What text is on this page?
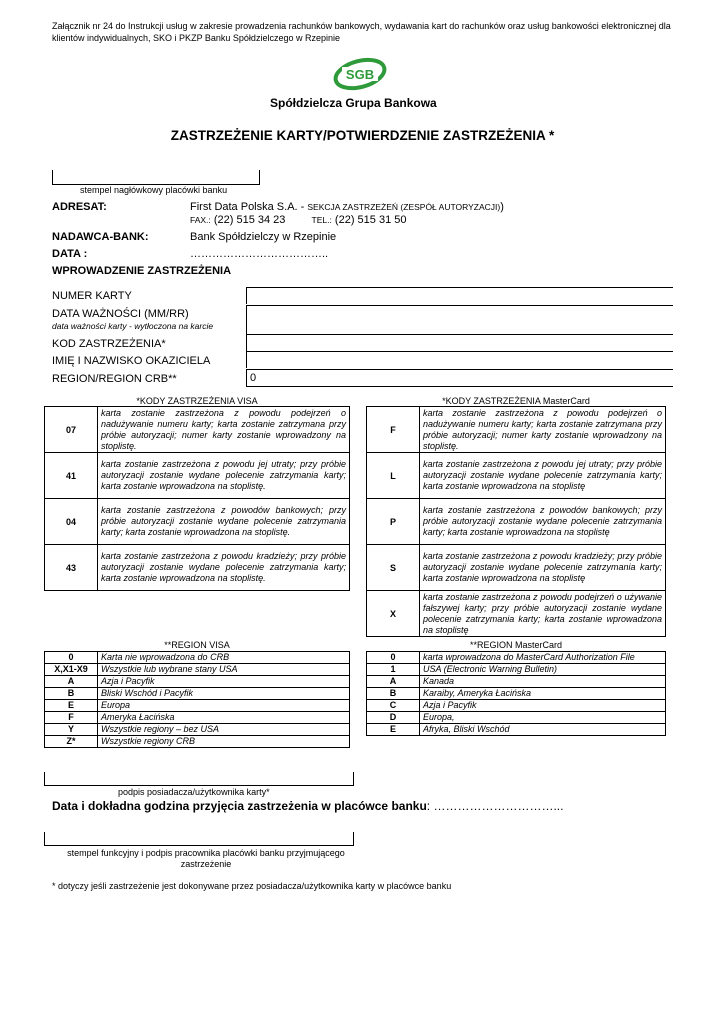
Załącznik nr 24 do Instrukcji usług w zakresie prowadzenia rachunków bankowych, wydawania kart do rachunków oraz usług bankowości elektronicznej dla klientów indywidualnych, SKO i PKZP Banku Spółdzielczego w Rzepinie
SGB
Spółdzielcza Grupa Bankowa
ZASTRZEŻENIE KARTY/POTWIERDZENIE ZASTRZEŻENIA *
stempel nagłówkowy placówki banku
ADRESAT:	First Data Polska S.A. - SEKCJA ZASTRZEŻEŃ (ZESPÓŁ AUTORYZACJI))
FAX.: (22) 515 34 23	TEL.: (22) 515 31 50
NADAWCA-BANK:	Bank Spółdzielczy w Rzepinie
DATA :	………………………………..
WPROWADZENIE ZASTRZEŻENIA
NUMER KARTY
DATA WAŻNOŚCI (MM/RR)
data ważności karty - wytłoczona na karcie
KOD ZASTRZEŻENIA*
IMIĘ I NAZWISKO OKAZICIELA
REGION/REGION CRB**	0
*KODY ZASTRZEŻENIA VISA
07	karta zostanie zastrzeżona z powodu podejrzeń o nadużywanie numeru karty; karta zostanie zatrzymana przy próbie autoryzacji; numer karty zostanie wprowadzony na stoplistę.
41	karta zostanie zastrzeżona z powodu jej utraty; przy próbie autoryzacji zostanie wydane polecenie zatrzymania karty; karta zostanie wprowadzona na stoplistę.
04	karta zostanie zastrzeżona z powodów bankowych; przy próbie autoryzacji zostanie wydane polecenie zatrzymania karty; karta zostanie wprowadzona na stoplistę.
43	karta zostanie zastrzeżona z powodu kradzieży; przy próbie autoryzacji zostanie wydane polecenie zatrzymania karty; karta zostanie wprowadzona na stoplistę.
*KODY ZASTRZEŻENIA MasterCard
F	karta zostanie zastrzeżona z powodu podejrzeń o nadużywanie numeru karty; karta zostanie zatrzymana przy próbie autoryzacji; numer karty zostanie wprowadzony na stoplistę.
L	karta zostanie zastrzeżona z powodu jej utraty; przy próbie autoryzacji zostanie wydane polecenie zatrzymania karty; karta zostanie wprowadzona na stoplistę
P	karta zostanie zastrzeżona z powodów bankowych; przy próbie autoryzacji zostanie wydane polecenie zatrzymania karty; karta zostanie wprowadzona na stoplistę
S	karta zostanie zastrzeżona z powodu kradzieży; przy próbie autoryzacji zostanie wydane polecenie zatrzymania karty; karta zostanie wprowadzona na stoplistę
X	karta zostanie zastrzeżona z powodu podejrzeń o używanie fałszywej karty; przy próbie autoryzacji zostanie wydane polecenie zatrzymania karty; karta zostanie wprowadzona na stoplistę
**REGION VISA
0	Karta nie wprowadzona do CRB
X,X1-X9	Wszystkie lub wybrane stany USA
A	Azja i Pacyfik
B	Bliski Wschód i Pacyfik
E	Europa
F	Ameryka Łacińska
Y	Wszystkie regiony – bez USA
Z*	Wszystkie regiony CRB
**REGION MasterCard
0	karta wprowadzona do MasterCard Authorization File
1	USA (Electronic Warning Bulletin)
A	Kanada
B	Karaiby, Ameryka Łacińska
C	Azja i Pacyfik
D	Europa,
E	Afryka, Bliski Wschód
podpis posiadacza/użytkownika karty*
Data i dokładna godzina przyjęcia zastrzeżenia w placówce banku: …………………………...
stempel funkcyjny i podpis pracownika placówki banku przyjmującego
zastrzeżenie
* dotyczy jeśli zastrzeżenie jest dokonywane przez posiadacza/użytkownika karty w placówce banku
